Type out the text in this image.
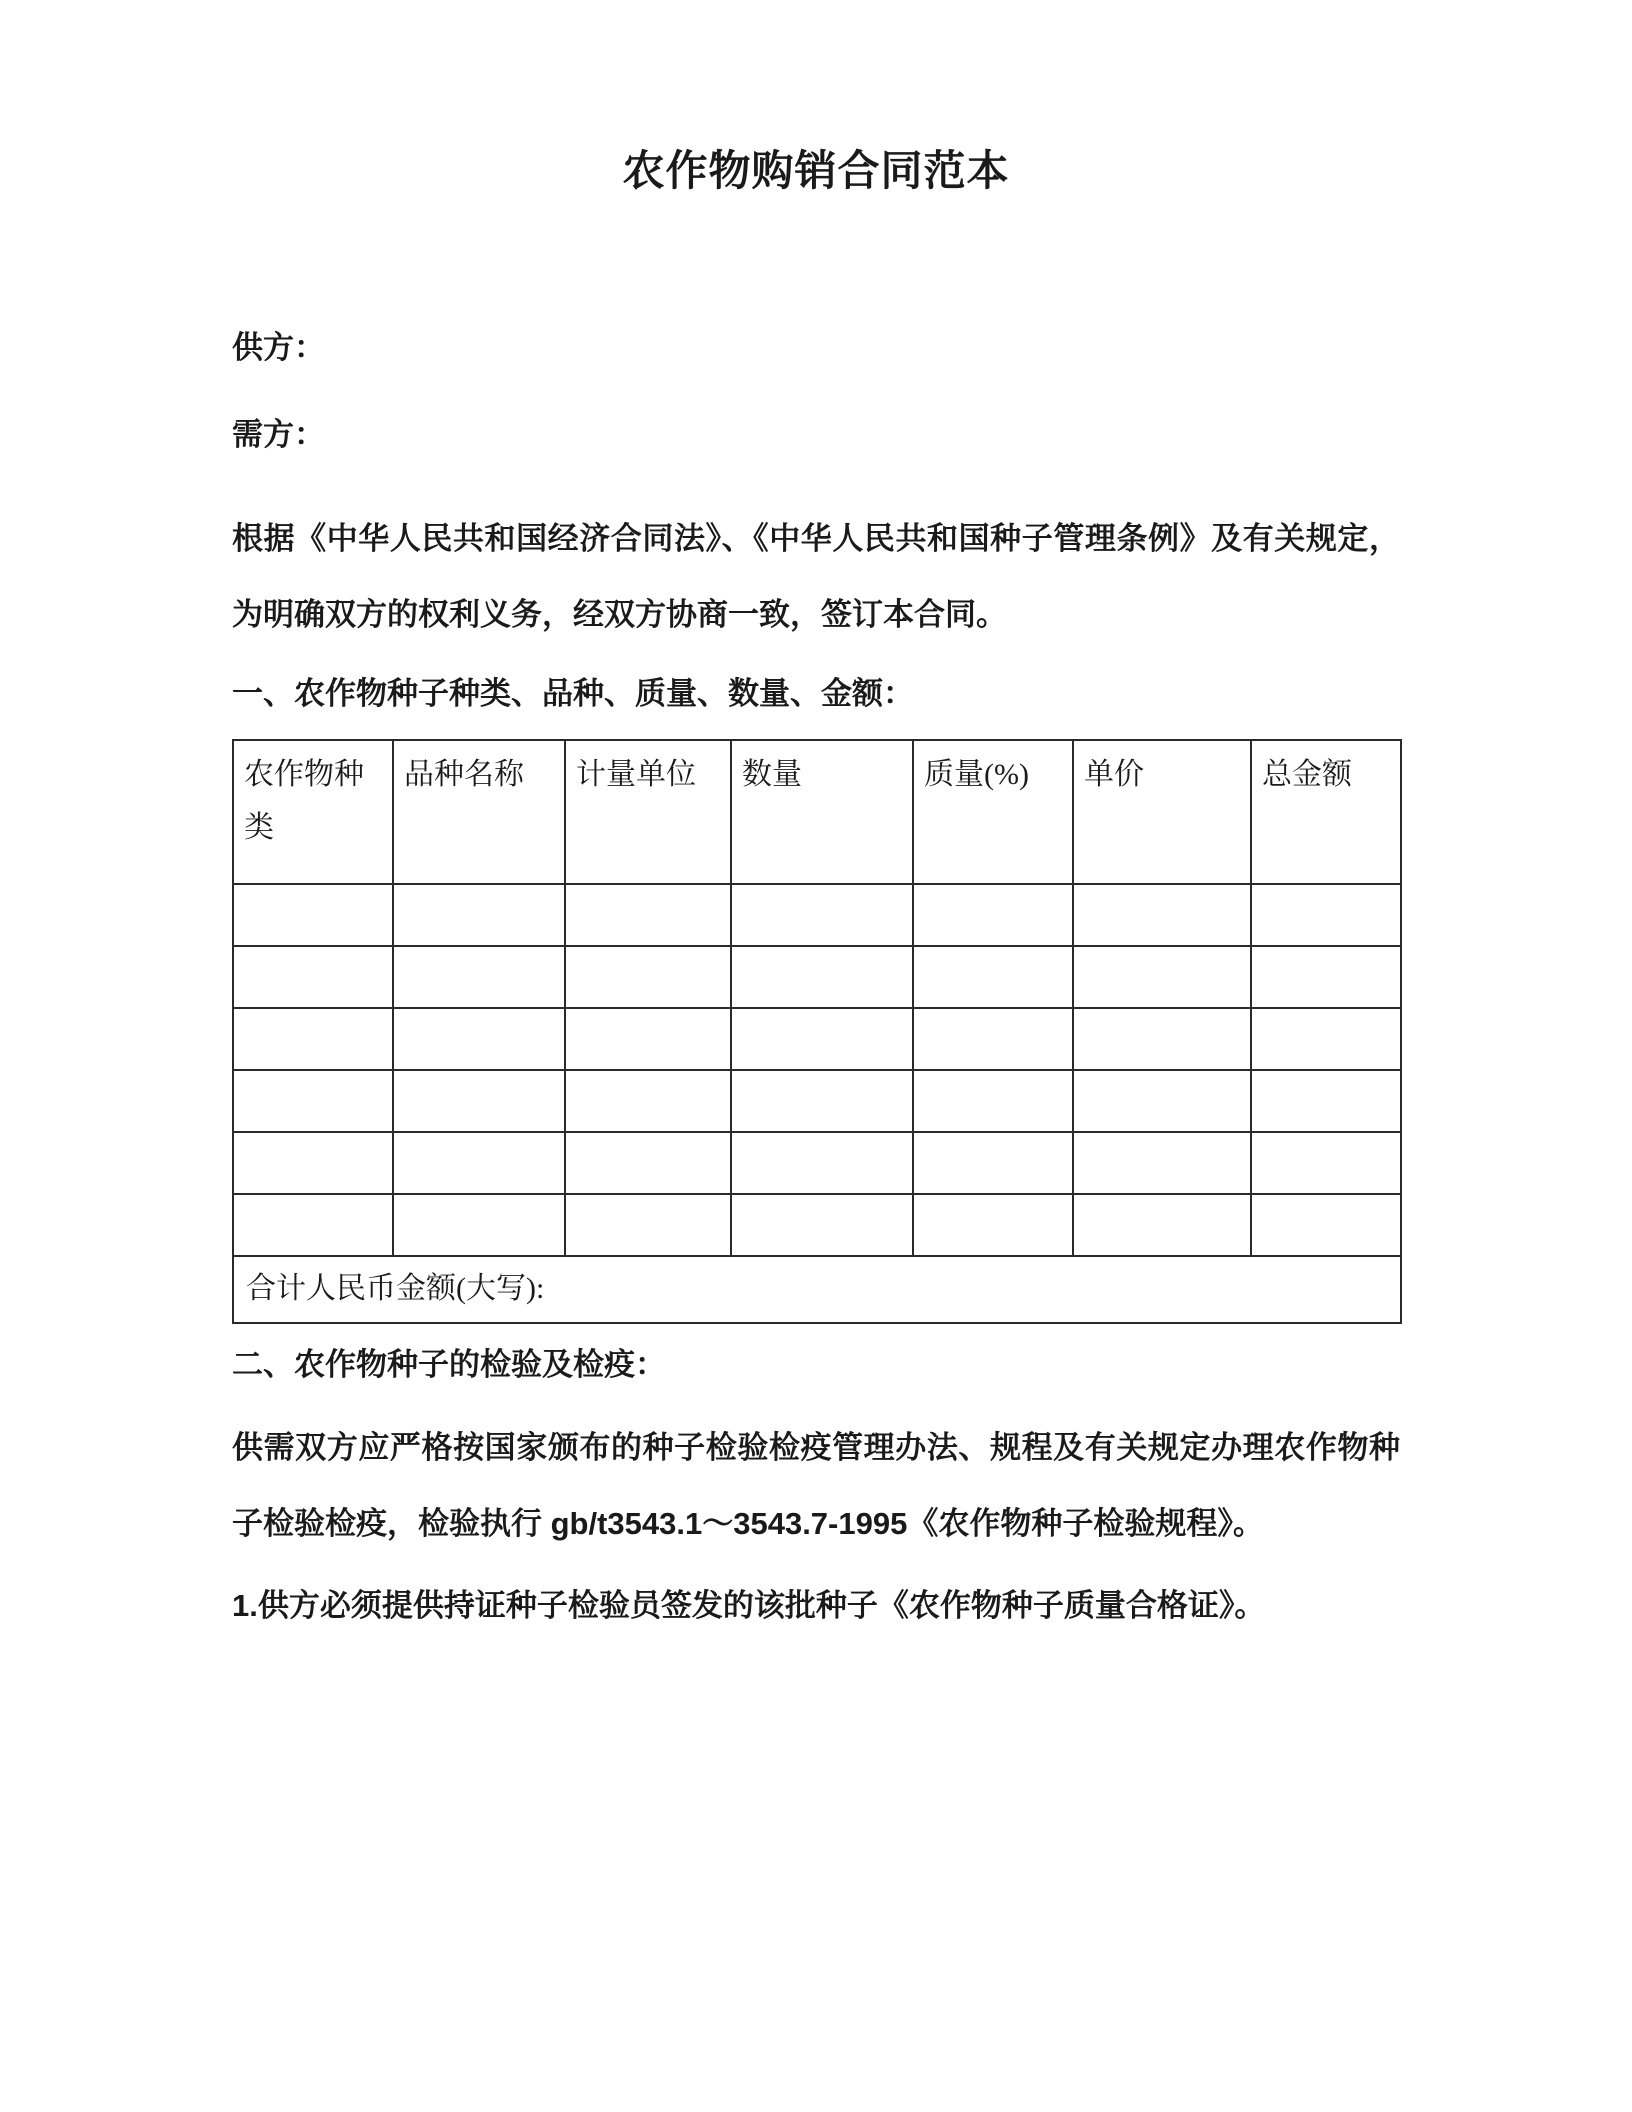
农作物购销合同范本

供方：

需方：

根据《中华人民共和国经济合同法》、《中华人民共和国种子管理条例》及有关规定，为明确双方的权利义务，经双方协商一致，签订本合同。

一、农作物种子种类、品种、质量、数量、金额：

农作物种类	品种名称	计量单位	数量	质量(%)	单价	总金额

合计人民币金额(大写):						

二、农作物种子的检验及检疫：

供需双方应严格按国家颁布的种子检验检疫管理办法、规程及有关规定办理农作物种子检验检疫，检验执行 gb/t3543.1～3543.7-1995《农作物种子检验规程》。

1.供方必须提供持证种子检验员签发的该批种子《农作物种子质量合格证》。
